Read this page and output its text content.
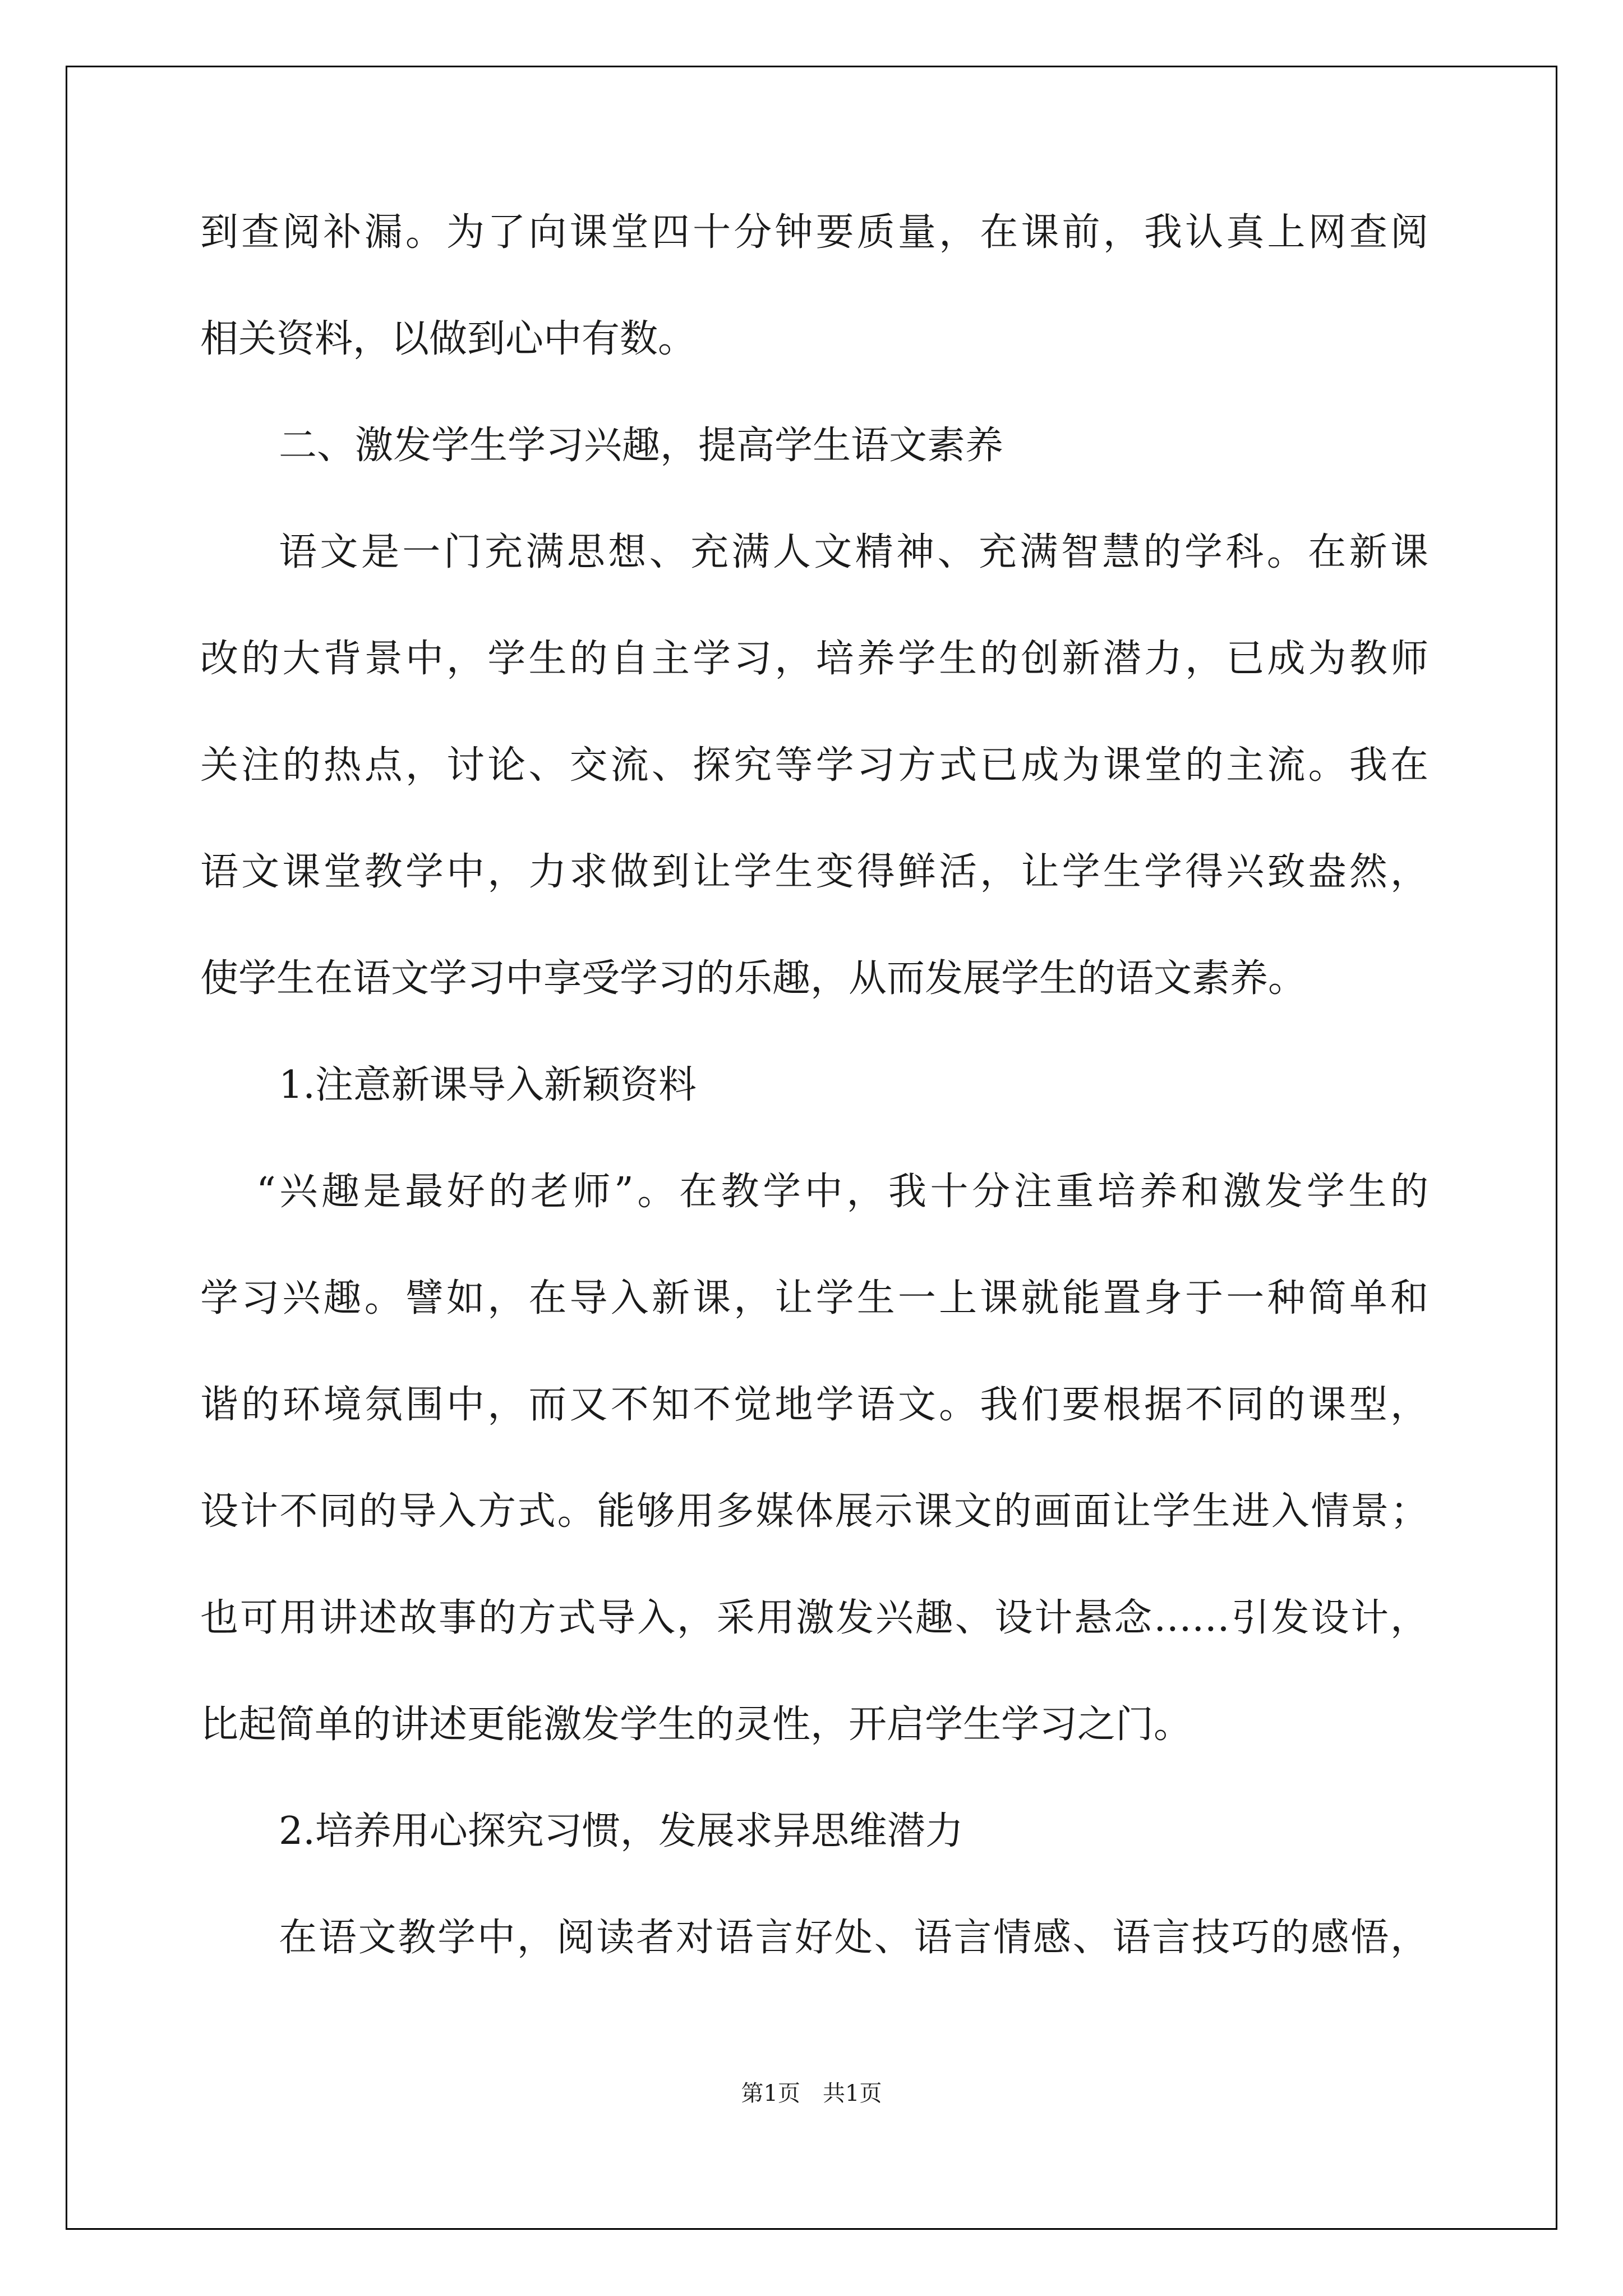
到查阅补漏。为了向课堂四十分钟要质量，在课前，我认真上网查阅
相关资料，以做到心中有数。
二、激发学生学习兴趣，提高学生语文素养
语文是一门充满思想、充满人文精神、充满智慧的学科。在新课
改的大背景中，学生的自主学习，培养学生的创新潜力，已成为教师
关注的热点，讨论、交流、探究等学习方式已成为课堂的主流。我在
语文课堂教学中，力求做到让学生变得鲜活，让学生学得兴致盎然，
使学生在语文学习中享受学习的乐趣，从而发展学生的语文素养。
1.注意新课导入新颖资料
“兴趣是最好的老师”。在教学中，我十分注重培养和激发学生的
学习兴趣。譬如，在导入新课，让学生一上课就能置身于一种简单和
谐的环境氛围中，而又不知不觉地学语文。我们要根据不同的课型，
设计不同的导入方式。能够用多媒体展示课文的画面让学生进入情景；
也可用讲述故事的方式导入，采用激发兴趣、设计悬念……引发设计，
比起简单的讲述更能激发学生的灵性，开启学生学习之门。
2.培养用心探究习惯，发展求异思维潜力
在语文教学中，阅读者对语言好处、语言情感、语言技巧的感悟，
第1页　共1页
